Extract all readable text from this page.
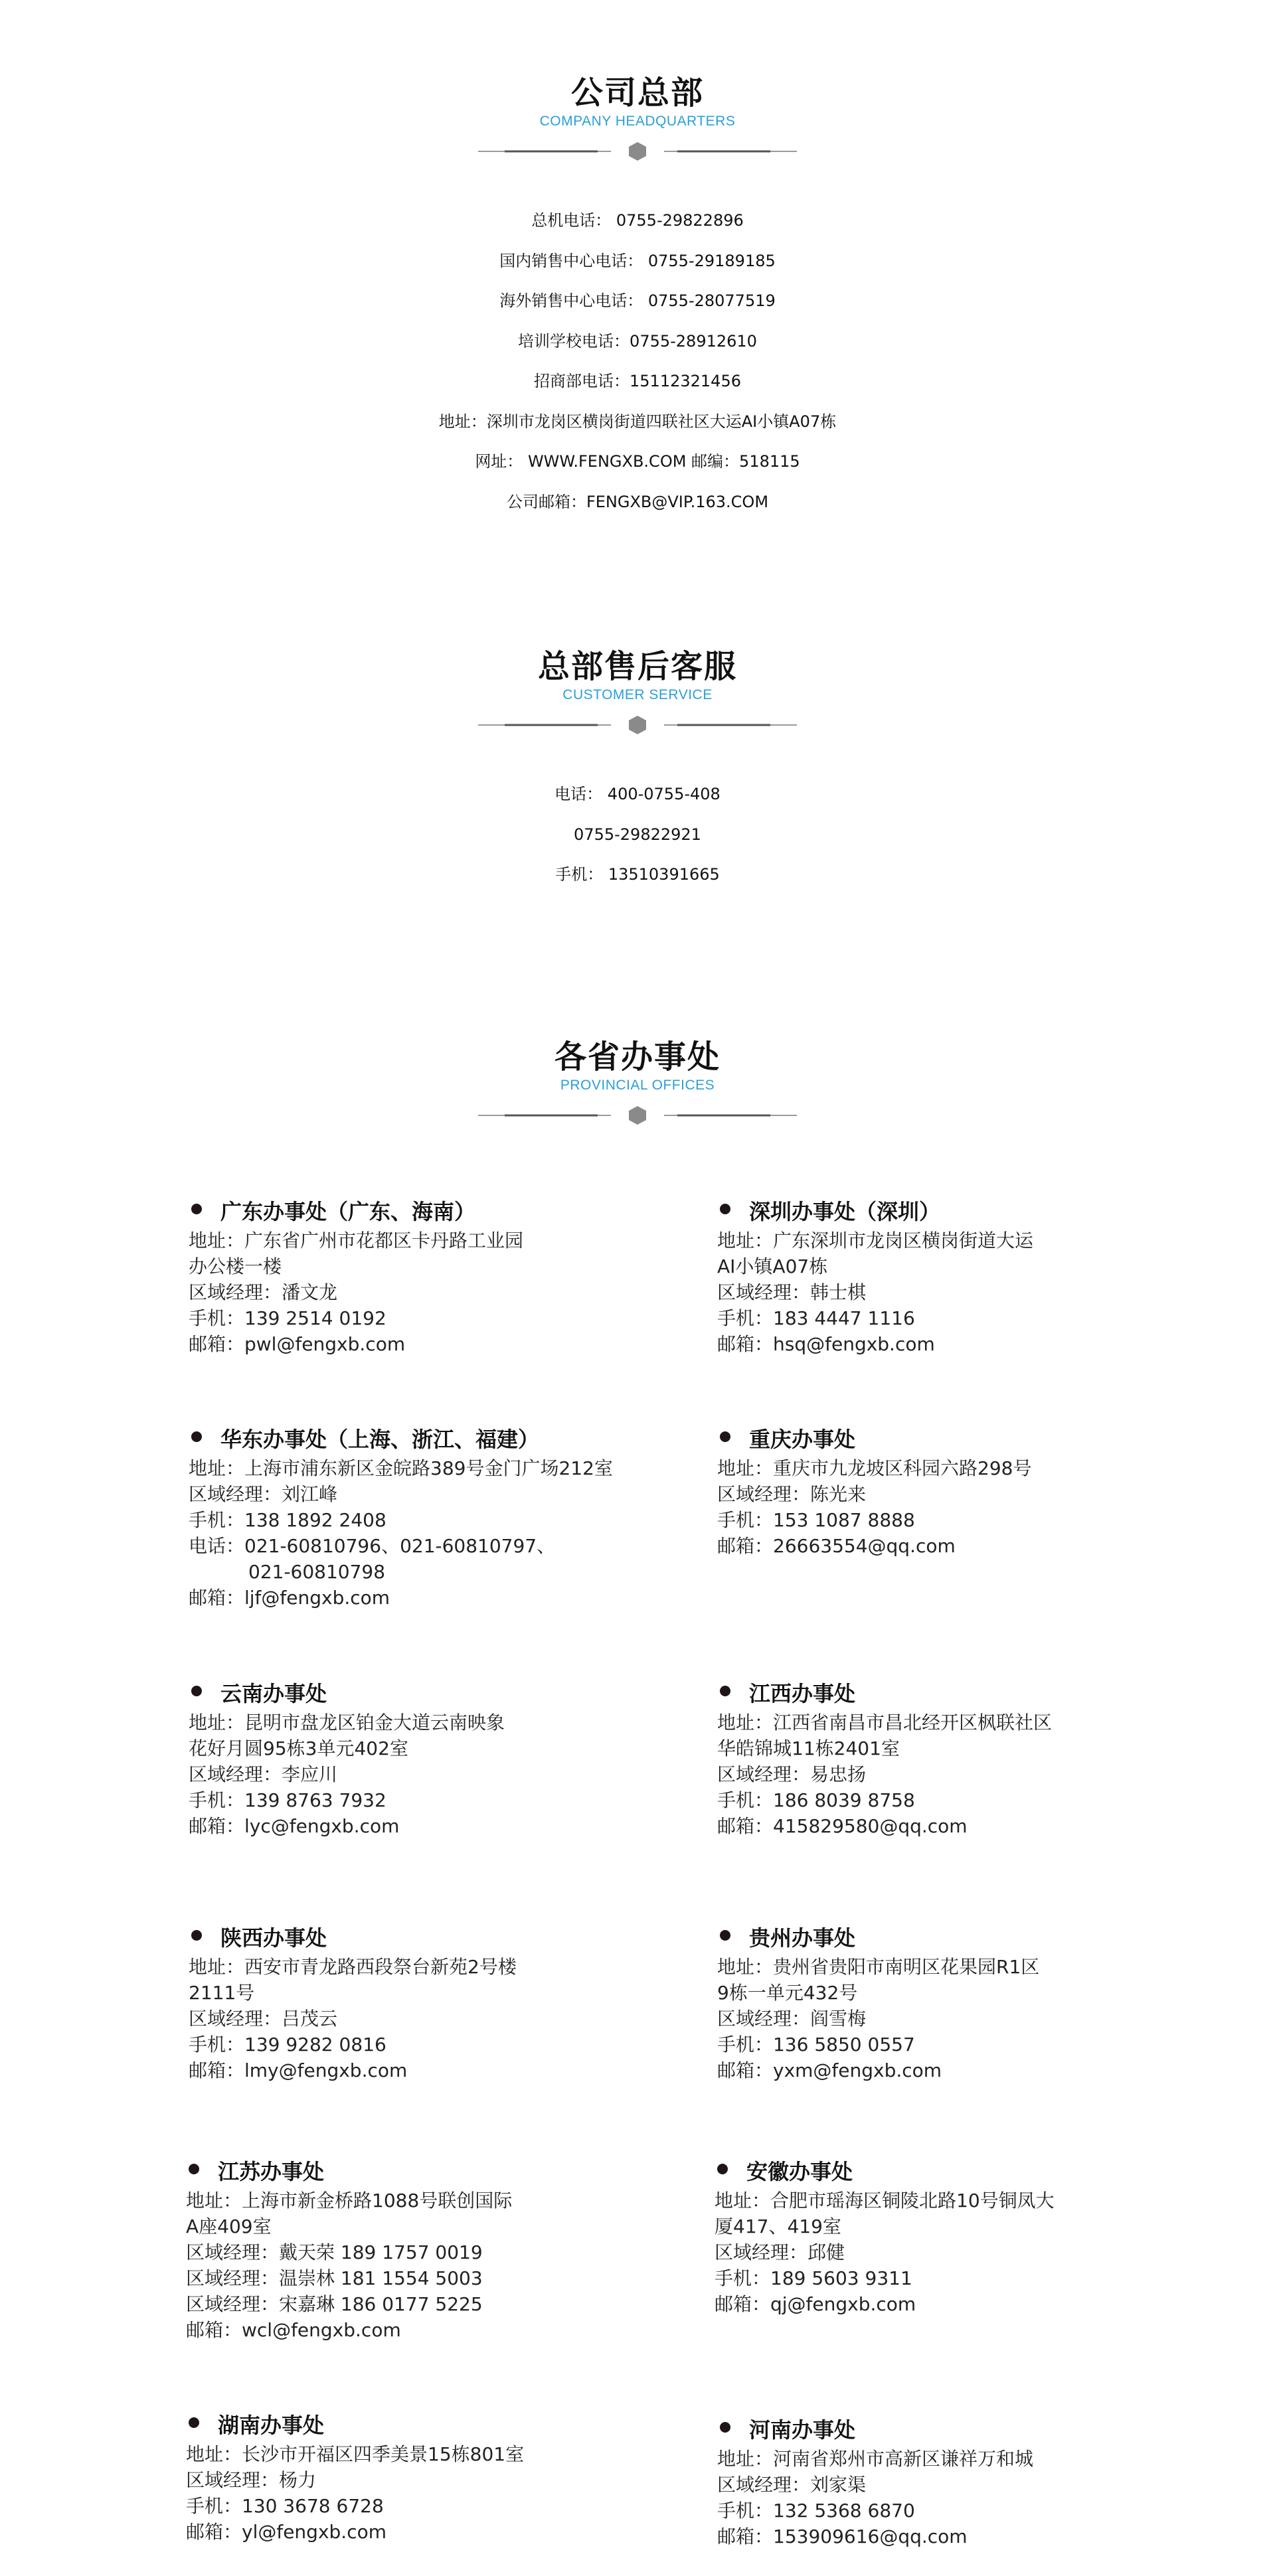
公司总部
COMPANY HEADQUARTERS
总机电话： 0755-29822896
国内销售中心电话： 0755-29189185
海外销售中心电话： 0755-28077519
培训学校电话：0755-28912610
招商部电话：15112321456
地址：深圳市龙岗区横岗街道四联社区大运AI小镇A07栋
网址： WWW.FENGXB.COM 邮编：518115
公司邮箱：FENGXB@VIP.163.COM
总部售后客服
CUSTOMER SERVICE
电话： 400-0755-408
0755-29822921
手机： 13510391665
各省办事处
PROVINCIAL OFFICES
广东办事处（广东、海南）
地址：广东省广州市花都区卡丹路工业园
办公楼一楼
区域经理：潘文龙
手机：139 2514 0192
邮箱：pwl@fengxb.com
深圳办事处（深圳）
地址：广东深圳市龙岗区横岗街道大运
AI小镇A07栋
区域经理：韩士棋
手机：183 4447 1116
邮箱：hsq@fengxb.com
华东办事处（上海、浙江、福建）
地址：上海市浦东新区金皖路389号金门广场212室
区域经理：刘江峰
手机：138 1892 2408
电话：021-60810796、021-60810797、
021-60810798
邮箱：ljf@fengxb.com
重庆办事处
地址：重庆市九龙坡区科园六路298号
区域经理：陈光来
手机：153 1087 8888
邮箱：26663554@qq.com
云南办事处
地址：昆明市盘龙区铂金大道云南映象
花好月圆95栋3单元402室
区域经理：李应川
手机：139 8763 7932
邮箱：lyc@fengxb.com
江西办事处
地址：江西省南昌市昌北经开区枫联社区
华皓锦城11栋2401室
区域经理：易忠扬
手机：186 8039 8758
邮箱：415829580@qq.com
陕西办事处
地址：西安市青龙路西段祭台新苑2号楼
2111号
区域经理：吕茂云
手机：139 9282 0816
邮箱：lmy@fengxb.com
贵州办事处
地址：贵州省贵阳市南明区花果园R1区
9栋一单元432号
区域经理：阎雪梅
手机：136 5850 0557
邮箱：yxm@fengxb.com
江苏办事处
地址：上海市新金桥路1088号联创国际
A座409室
区域经理：戴天荣 189 1757 0019
区域经理：温崇林 181 1554 5003
区域经理：宋嘉琳 186 0177 5225
邮箱：wcl@fengxb.com
安徽办事处
地址：合肥市瑶海区铜陵北路10号铜凤大
厦417、419室
区域经理：邱健
手机：189 5603 9311
邮箱：qj@fengxb.com
湖南办事处
地址：长沙市开福区四季美景15栋801室
区域经理：杨力
手机：130 3678 6728
邮箱：yl@fengxb.com
河南办事处
地址：河南省郑州市高新区谦祥万和城
区域经理：刘家渠
手机：132 5368 6870
邮箱：153909616@qq.com
